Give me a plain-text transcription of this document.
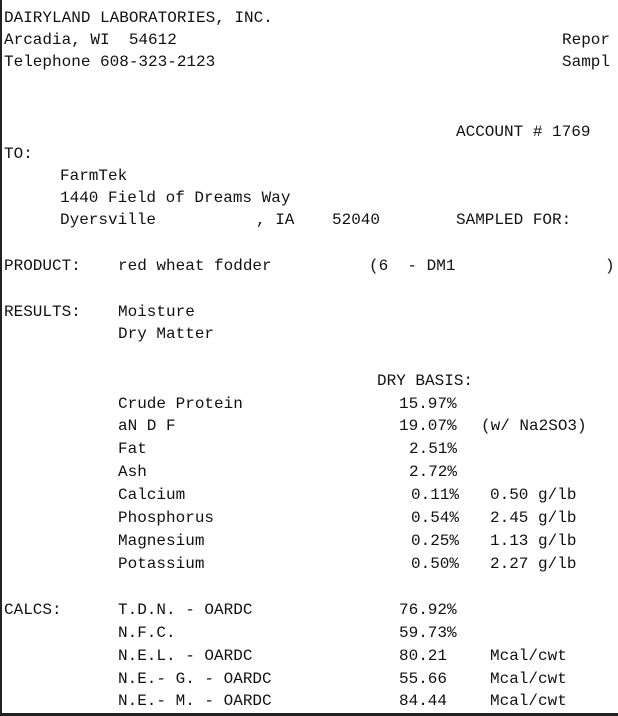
DAIRYLAND LABORATORIES, INC.
Arcadia, WI  54612
Telephone 608-323-2123
Repor
Sampl
ACCOUNT # 1769
TO:
FarmTek
1440 Field of Dreams Way
Dyersville	, IA 52040	SAMPLED FOR:
PRODUCT: red wheat fodder	(6  - DM1	)
RESULTS: Moisture
Dry Matter
DRY BASIS:
Crude Protein	15.97%
aN D F	19.07% (w/ Na2SO3)
Fat	2.51%
Ash	2.72%
Calcium	0.11% 0.50 g/lb
Phosphorus	0.54% 2.45 g/lb
Magnesium	0.25% 1.13 g/lb
Potassium	0.50% 2.27 g/lb
CALCS:	T.D.N. - OARDC	76.92%
N.F.C.	59.73%
N.E.L. - OARDC	80.21	Mcal/cwt
N.E.- G. - OARDC	55.66	Mcal/cwt
N.E.- M. - OARDC	84.44	Mcal/cwt
